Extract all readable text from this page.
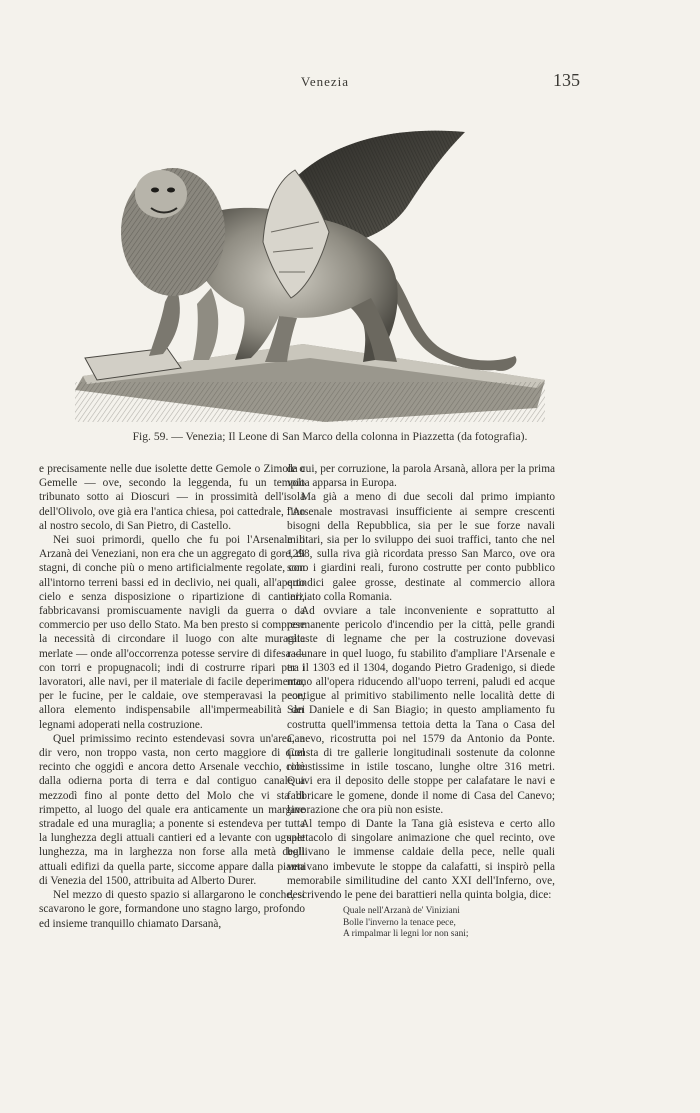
Venezia	135
Fig. 59. — Venezia; Il Leone di San Marco della colonna in Piazzetta (da fotografia).

e precisamente nelle due isolette dette Gemole o Zimole o Gemelle — ove, secondo la leggenda, fu un tempio tribunato sotto ai Dioscuri — in prossimità dell'isola dell'Olivolo, ove già era l'antica chiesa, poi cattedrale, fino al nostro secolo, di San Pietro, di Castello.

Nei suoi primordi, quello che fu poi l'Arsenale o Arzanà dei Veneziani, non era che un aggregato di gore, di stagni, di conche più o meno artificialmente regolate, con all'intorno terreni bassi ed in declivio, nei quali, all'aperto cielo e senza disposizione o ripartizione di cantieri, fabbricavansi promiscuamente navigli da guerra o da commercio per uso dello Stato. Ma ben presto si comprese la necessità di circondare il luogo con alte muraglie merlate — onde all'occorrenza potesse servire di difesa — con torri e propugnacoli; indi di costrurre ripari per i lavoratori, alle navi, per il materiale di facile deperimento, per le fucine, per le caldaie, ove stemperavasi la pece, allora elemento indispensabile all'impermeabilità dei legnami adoperati nella costruzione.

Quel primissimo recinto estendevasi sovra un'area, a dir vero, non troppo vasta, non certo maggiore di quel recinto che oggidì e ancora detto Arsenale vecchio, cioè dalla odierna porta di terra e dal contiguo canale a mezzodì fino al ponte detto del Molo che vi sta di rimpetto, al luogo del quale era anticamente un margine stradale ed una muraglia; a ponente si estendeva per tutta la lunghezza degli attuali cantieri ed a levante con uguale lunghezza, ma in larghezza non forse alla metà degli attuali edifizi da quella parte, siccome appare dalla pianta di Venezia del 1500, attribuita ad Alberto Durer.

Nel mezzo di questo spazio si allargarono le conche, si scavarono le gore, formandone uno stagno largo, profondo ed insieme tranquillo chiamato Darsanà,

da cui, per corruzione, la parola Arsanà, allora per la prima volta apparsa in Europa.

Ma già a meno di due secoli dal primo impianto l'Arsenale mostravasi insufficiente ai sempre crescenti bisogni della Repubblica, sia per le sue forze navali militari, sia per lo sviluppo dei suoi traffici, tanto che nel 1298, sulla riva già ricordata presso San Marco, ove ora sono i giardini reali, furono costrutte per conto pubblico quindici galee grosse, destinate al commercio allora iniziato colla Romania.

Ad ovviare a tale inconveniente e soprattutto al permanente pericolo d'incendio per la città, pelle grandi cataste di legname che per la costruzione dovevasi radunare in quel luogo, fu stabilito d'ampliare l'Arsenale e tra il 1303 ed il 1304, dogando Pietro Gradenigo, si diede mano all'opera riducendo all'uopo terreni, paludi ed acque contigue al primitivo stabilimento nelle località dette di San Daniele e di San Biagio; in questo ampliamento fu costrutta quell'immensa tettoia detta la Tana o Casa del Canevo, ricostrutta poi nel 1579 da Antonio da Ponte. Consta di tre gallerie longitudinali sostenute da colonne robustissime in istile toscano, lunghe oltre 316 metri. Quivi era il deposito delle stoppe per calafatare le navi e fabbricare le gomene, donde il nome di Casa del Canevo; lavorazione che ora più non esiste.

Al tempo di Dante la Tana già esisteva e certo allo spettacolo di singolare animazione che quel recinto, ove bollivano le immense caldaie della pece, nelle quali venivano imbevute le stoppe da calafatti, si inspirò pella memorabile similitudine del canto XXI dell'Inferno, ove, descrivendo le pene dei barattieri nella quinta bolgia, dice:

Quale nell'Arzanà de' Viniziani
Bolle l'inverno la tenace pece,
A rimpalmar li legni lor non sani;
